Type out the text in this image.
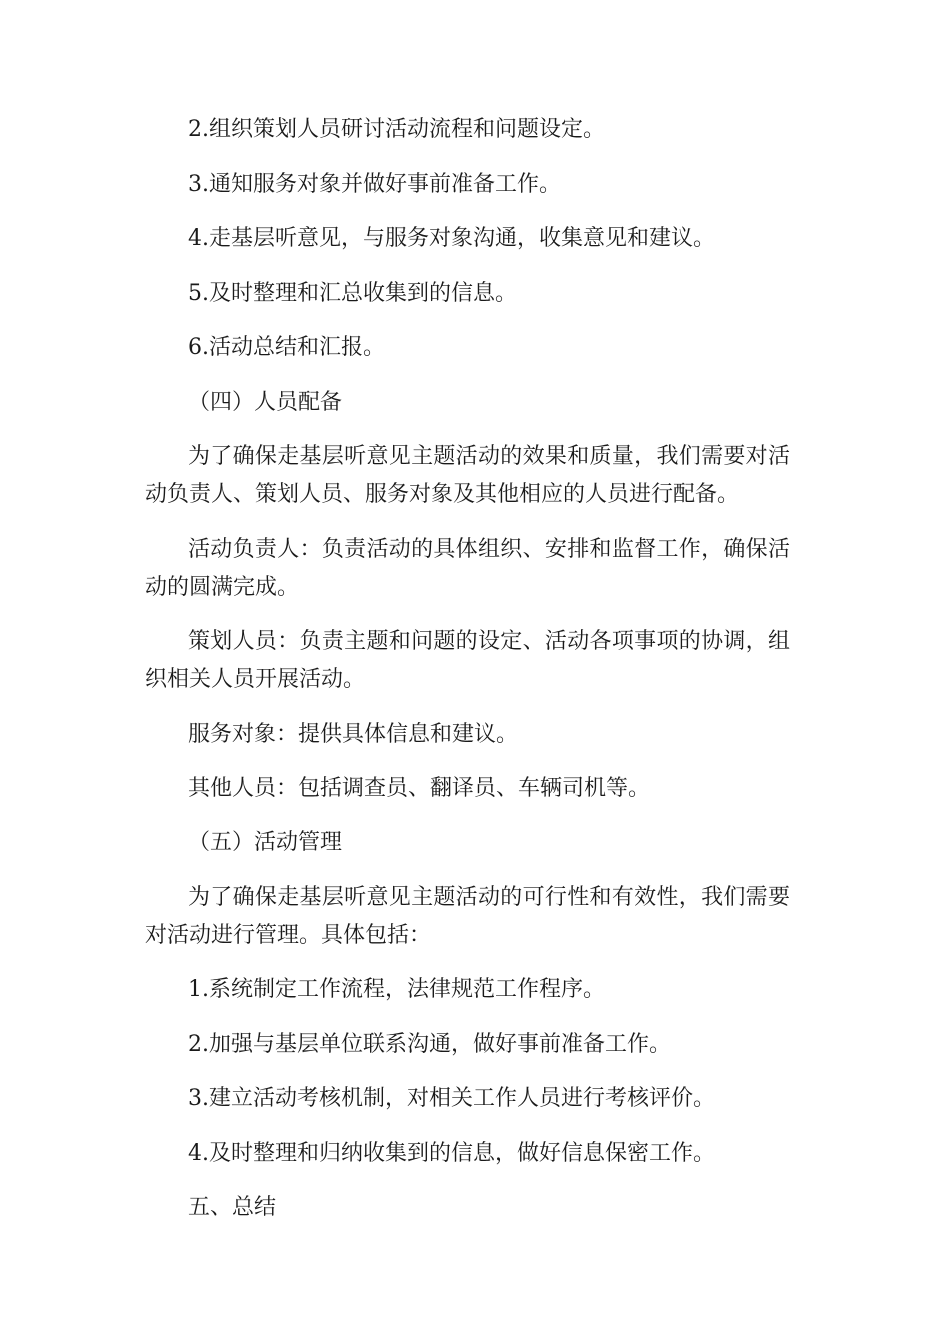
2.组织策划人员研讨活动流程和问题设定。
3.通知服务对象并做好事前准备工作。
4.走基层听意见，与服务对象沟通，收集意见和建议。
5.及时整理和汇总收集到的信息。
6.活动总结和汇报。
（四）人员配备
为了确保走基层听意见主题活动的效果和质量，我们需要对活
动负责人、策划人员、服务对象及其他相应的人员进行配备。
活动负责人：负责活动的具体组织、安排和监督工作，确保活
动的圆满完成。
策划人员：负责主题和问题的设定、活动各项事项的协调，组
织相关人员开展活动。
服务对象：提供具体信息和建议。
其他人员：包括调查员、翻译员、车辆司机等。
（五）活动管理
为了确保走基层听意见主题活动的可行性和有效性，我们需要
对活动进行管理。具体包括：
1.系统制定工作流程，法律规范工作程序。
2.加强与基层单位联系沟通，做好事前准备工作。
3.建立活动考核机制，对相关工作人员进行考核评价。
4.及时整理和归纳收集到的信息，做好信息保密工作。
五、总结
